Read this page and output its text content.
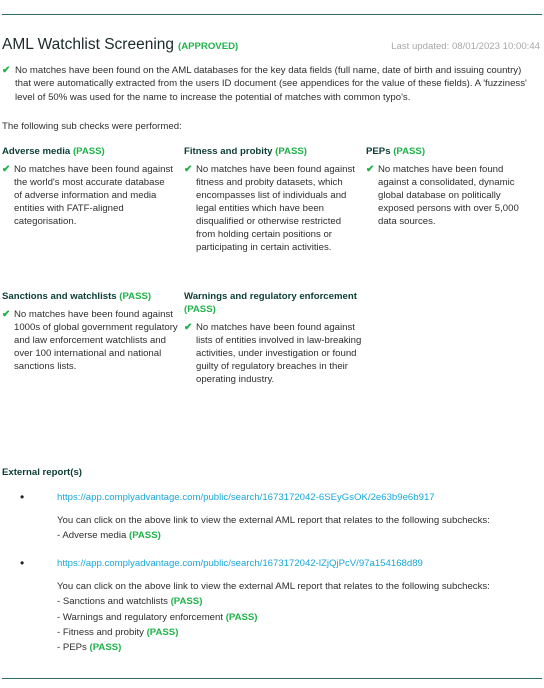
AML Watchlist Screening (APPROVED)	Last updated: 08/01/2023 10:00:44
✔ No matches have been found on the AML databases for the key data fields (full name, date of birth and issuing country) that were automatically extracted from the users ID document (see appendices for the value of these fields). A 'fuzziness' level of 50% was used for the name to increase the potential of matches with common typo's.

The following sub checks were performed:
Adverse media (PASS)
✔ No matches have been found against the world's most accurate database of adverse information and media entities with FATF-aligned categorisation.
Fitness and probity (PASS)
✔ No matches have been found against fitness and probity datasets, which encompasses list of individuals and legal entities which have been disqualified or otherwise restricted from holding certain positions or participating in certain activities.
PEPs (PASS)
✔ No matches have been found against a consolidated, dynamic global database on politically exposed persons with over 5,000 data sources.
Sanctions and watchlists (PASS)
✔ No matches have been found against 1000s of global government regulatory and law enforcement watchlists and over 100 international and national sanctions lists.
Warnings and regulatory enforcement (PASS)
✔ No matches have been found against lists of entities involved in law-breaking activities, under investigation or found guilty of regulatory breaches in their operating industry.
External report(s)
•	https://app.complyadvantage.com/public/search/1673172042-6SEyGsOK/2e63b9e6b917
You can click on the above link to view the external AML report that relates to the following subchecks:
- Adverse media (PASS)
•	https://app.complyadvantage.com/public/search/1673172042-lZjQjPcV/97a154168d89
You can click on the above link to view the external AML report that relates to the following subchecks:
- Sanctions and watchlists (PASS)
- Warnings and regulatory enforcement (PASS)
- Fitness and probity (PASS)
- PEPs (PASS)
